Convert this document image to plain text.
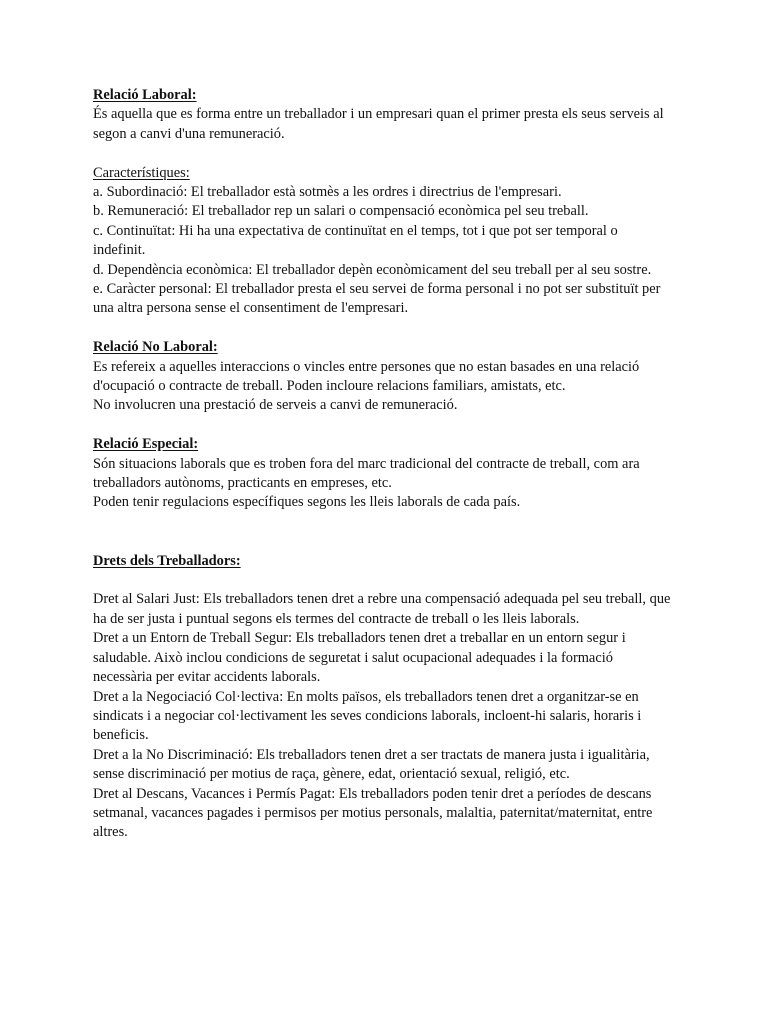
Relació Laboral:
És aquella que es forma entre un treballador i un empresari quan el primer presta els seus serveis al segon a canvi d'una remuneració.
Característiques:
a. Subordinació: El treballador està sotmès a les ordres i directrius de l'empresari.
b. Remuneració: El treballador rep un salari o compensació econòmica pel seu treball.
c. Continuïtat: Hi ha una expectativa de continuïtat en el temps, tot i que pot ser temporal o indefinit.
d. Dependència econòmica: El treballador depèn econòmicament del seu treball per al seu sostre.
e. Caràcter personal: El treballador presta el seu servei de forma personal i no pot ser substituït per una altra persona sense el consentiment de l'empresari.
Relació No Laboral:
Es refereix a aquelles interaccions o vincles entre persones que no estan basades en una relació d'ocupació o contracte de treball. Poden incloure relacions familiars, amistats, etc.
No involucren una prestació de serveis a canvi de remuneració.
Relació Especial:
Són situacions laborals que es troben fora del marc tradicional del contracte de treball, com ara treballadors autònoms, practicants en empreses, etc.
Poden tenir regulacions específiques segons les lleis laborals de cada país.
Drets dels Treballadors:
Dret al Salari Just: Els treballadors tenen dret a rebre una compensació adequada pel seu treball, que ha de ser justa i puntual segons els termes del contracte de treball o les lleis laborals.
Dret a un Entorn de Treball Segur: Els treballadors tenen dret a treballar en un entorn segur i saludable. Això inclou condicions de seguretat i salut ocupacional adequades i la formació necessària per evitar accidents laborals.
Dret a la Negociació Col·lectiva: En molts països, els treballadors tenen dret a organitzar-se en sindicats i a negociar col·lectivament les seves condicions laborals, incloent-hi salaris, horaris i beneficis.
Dret a la No Discriminació: Els treballadors tenen dret a ser tractats de manera justa i igualitària, sense discriminació per motius de raça, gènere, edat, orientació sexual, religió, etc.
Dret al Descans, Vacances i Permís Pagat: Els treballadors poden tenir dret a períodes de descans setmanal, vacances pagades i permisos per motius personals, malaltia, paternitat/maternitat, entre altres.
